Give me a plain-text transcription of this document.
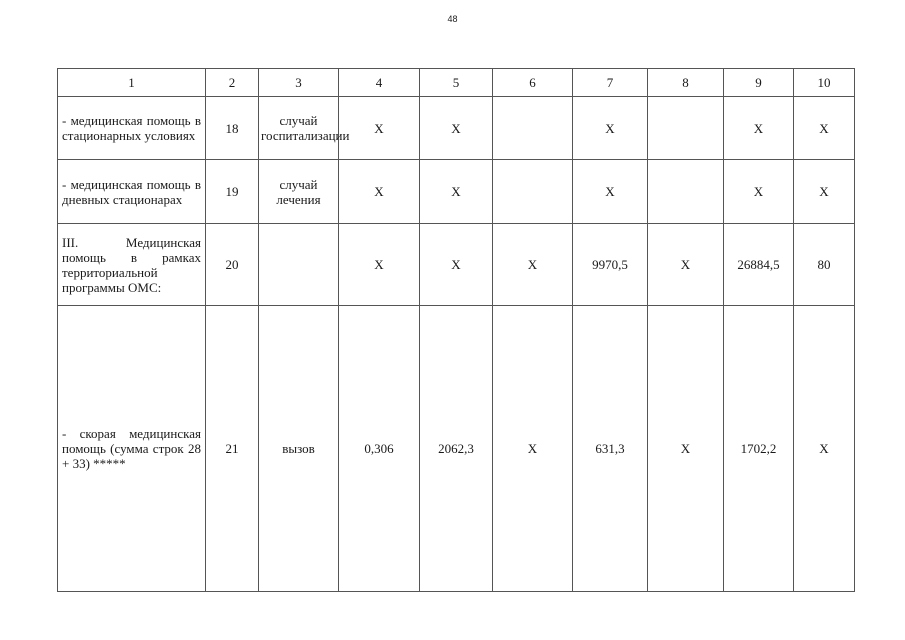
48
1	2	3	4	5	6	7	8	9	10
- медицинская помощь в стационарных условиях	18	случай госпитализации	X	X		X		X	X
- медицинская помощь в дневных стационарах	19	случай лечения	X	X		X		X	X
III. Медицинская помощь в рамках территориальной программы ОМС:	20		X	X	X	9970,5	X	26884,5	80
- скорая медицинская помощь (сумма строк 28 + 33) *****	21	вызов	0,306	2062,3	X	631,3	X	1702,2	X
